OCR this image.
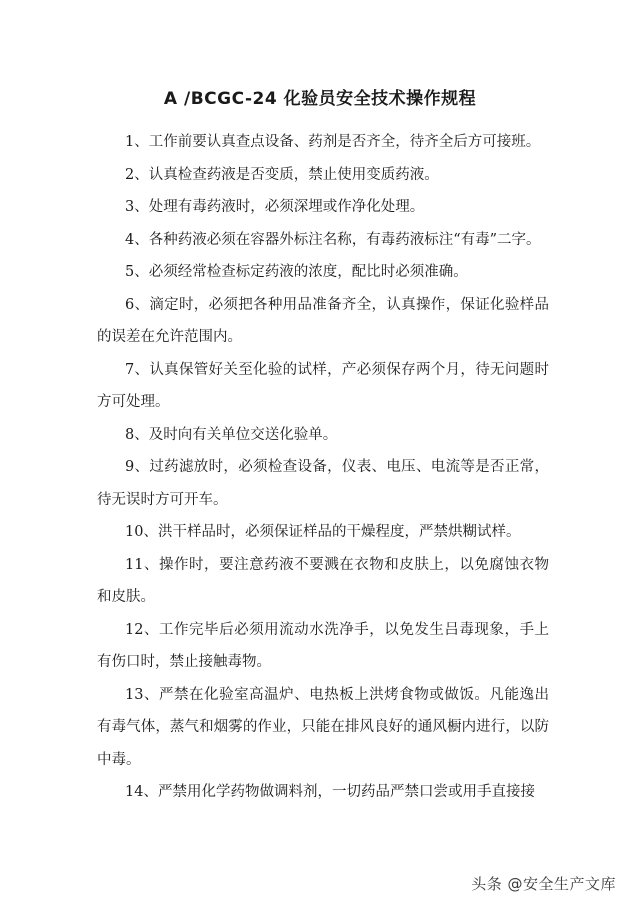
A /BCGC-24 化验员安全技术操作规程
1、工作前要认真查点设备、药剂是否齐全，待齐全后方可接班。
2、认真检查药液是否变质，禁止使用变质药液。
3、处理有毒药液时，必须深埋或作净化处理。
4、各种药液必须在容器外标注名称，有毒药液标注“有毒”二字。
5、必须经常检查标定药液的浓度，配比时必须准确。
6、滴定时，必须把各种用品准备齐全，认真操作，保证化验样品的误差在允许范围内。
7、认真保管好关至化验的试样，产必须保存两个月，待无问题时方可处理。
8、及时向有关单位交送化验单。
9、过药滤放时，必须检查设备，仪表、电压、电流等是否正常，待无误时方可开车。
10、洪干样品时，必须保证样品的干燥程度，严禁烘糊试样。
11、操作时，要注意药液不要溅在衣物和皮肤上，以免腐蚀衣物和皮肤。
12、工作完毕后必须用流动水洗净手，以免发生吕毒现象，手上有伤口时，禁止接触毒物。
13、严禁在化验室高温炉、电热板上洪烤食物或做饭。凡能逸出有毒气体，蒸气和烟雾的作业，只能在排风良好的通风橱内进行，以防中毒。
14、严禁用化学药物做调料剂，一切药品严禁口尝或用手直接接
头条 @安全生产文库
